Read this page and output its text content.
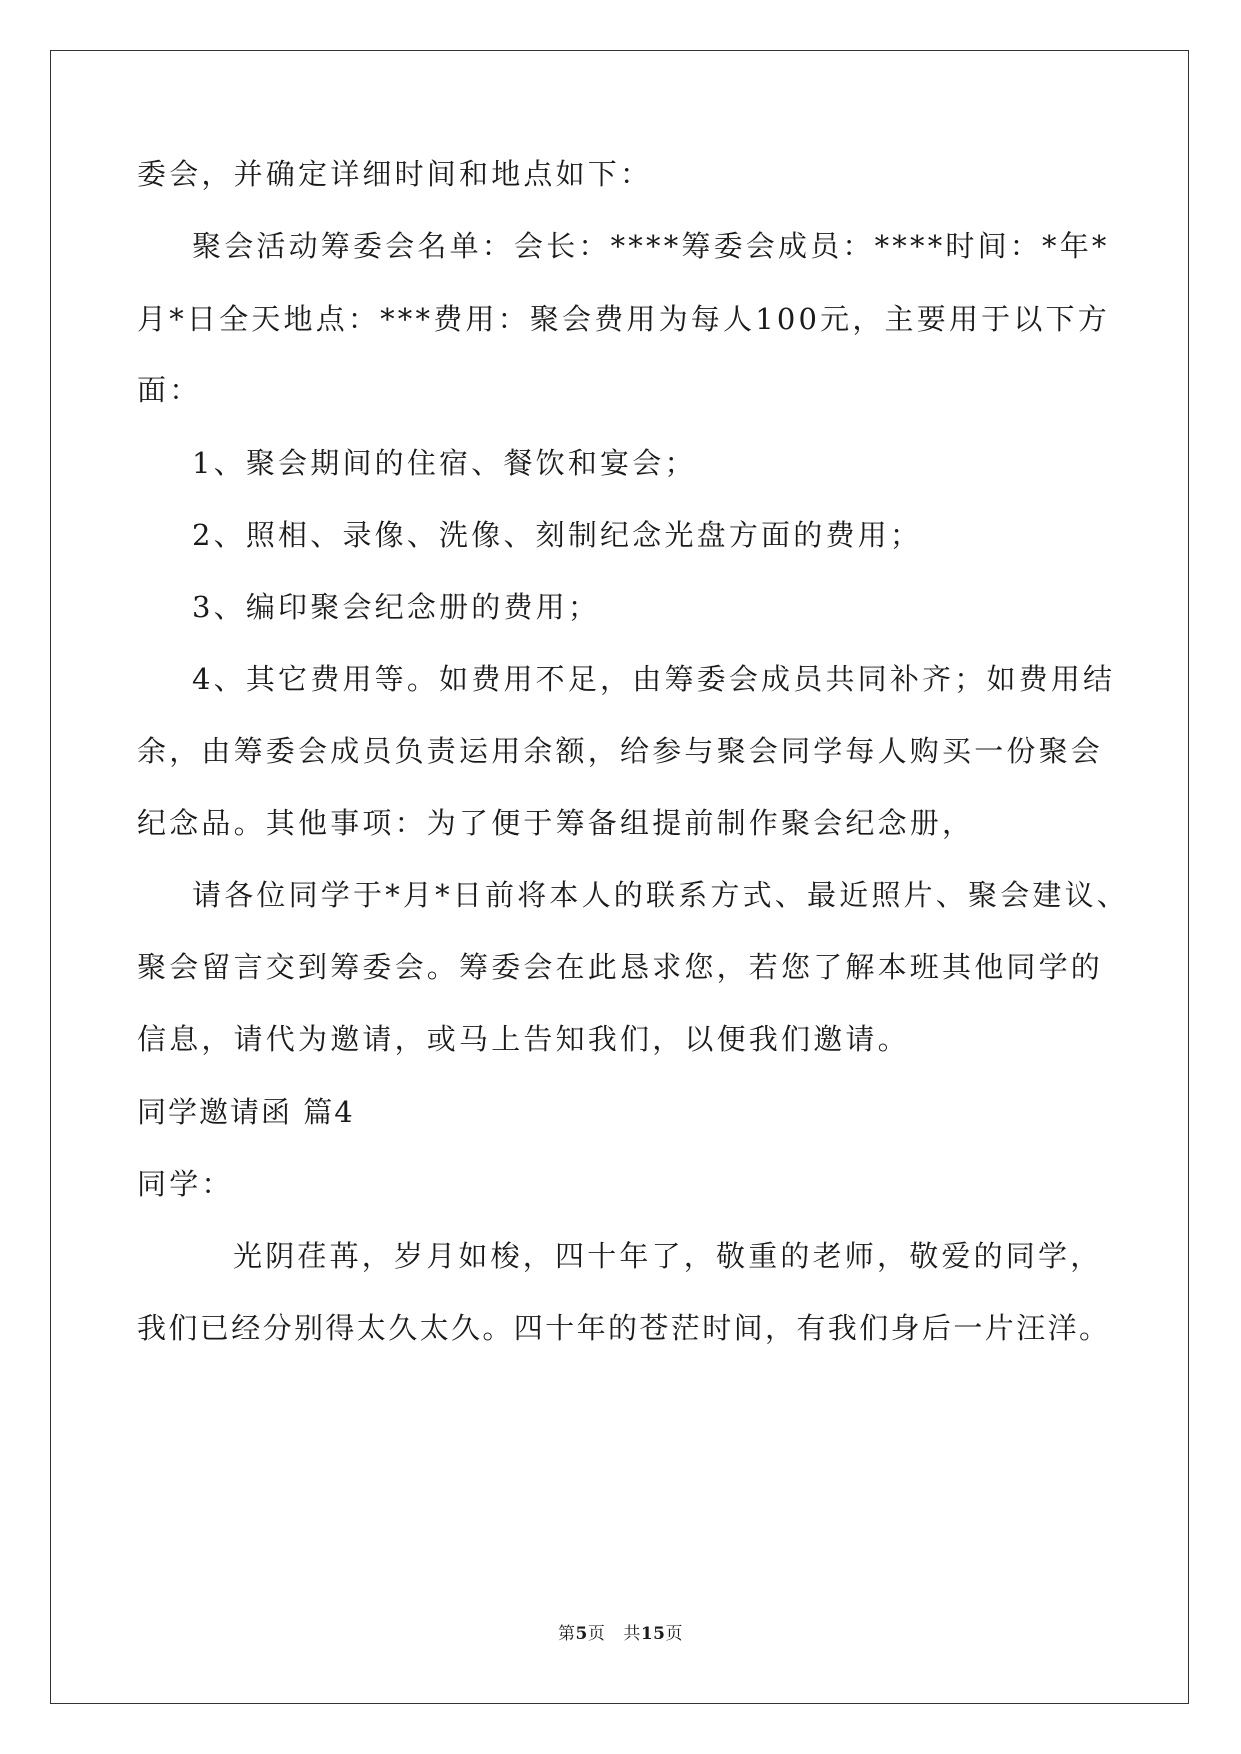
委会，并确定详细时间和地点如下：

聚会活动筹委会名单：会长：****筹委会成员：****时间：*年*

月*日全天地点：***费用：聚会费用为每人100元，主要用于以下方

面：

1、聚会期间的住宿、餐饮和宴会；

2、照相、录像、洗像、刻制纪念光盘方面的费用；

3、编印聚会纪念册的费用；

4、其它费用等。如费用不足，由筹委会成员共同补齐；如费用结

余，由筹委会成员负责运用余额，给参与聚会同学每人购买一份聚会

纪念品。其他事项：为了便于筹备组提前制作聚会纪念册，

请各位同学于*月*日前将本人的联系方式、最近照片、聚会建议、

聚会留言交到筹委会。筹委会在此恳求您，若您了解本班其他同学的

信息，请代为邀请，或马上告知我们，以便我们邀请。

同学邀请函 篇4

同学：

光阴荏苒，岁月如梭，四十年了，敬重的老师，敬爱的同学，

我们已经分别得太久太久。四十年的苍茫时间，有我们身后一片汪洋。

第5页 共15页
